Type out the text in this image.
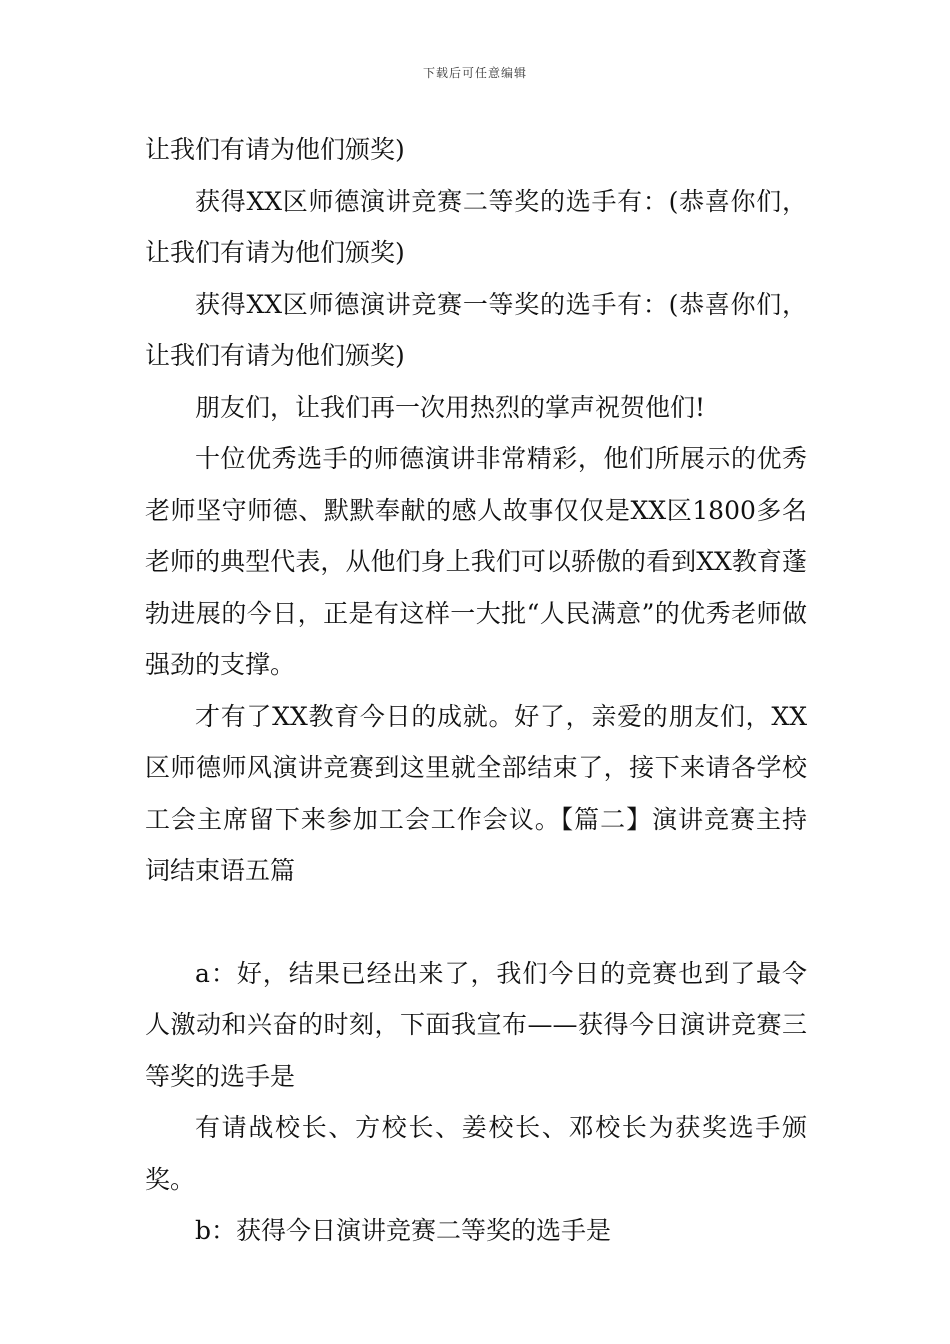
下载后可任意编辑

让我们有请为他们颁奖)

获得XX区师德演讲竞赛二等奖的选手有：(恭喜你们，让我们有请为他们颁奖)

获得XX区师德演讲竞赛一等奖的选手有：(恭喜你们，让我们有请为他们颁奖)

朋友们，让我们再一次用热烈的掌声祝贺他们!

十位优秀选手的师德演讲非常精彩，他们所展示的优秀老师坚守师德、默默奉献的感人故事仅仅是XX区1800多名老师的典型代表，从他们身上我们可以骄傲的看到XX教育蓬勃进展的今日，正是有这样一大批“人民满意”的优秀老师做强劲的支撑。

才有了XX教育今日的成就。好了，亲爱的朋友们，XX区师德师风演讲竞赛到这里就全部结束了，接下来请各学校工会主席留下来参加工会工作会议。【篇二】演讲竞赛主持词结束语五篇

a：好，结果已经出来了，我们今日的竞赛也到了最令人激动和兴奋的时刻，下面我宣布——获得今日演讲竞赛三等奖的选手是

有请战校长、方校长、姜校长、邓校长为获奖选手颁奖。

b：获得今日演讲竞赛二等奖的选手是
